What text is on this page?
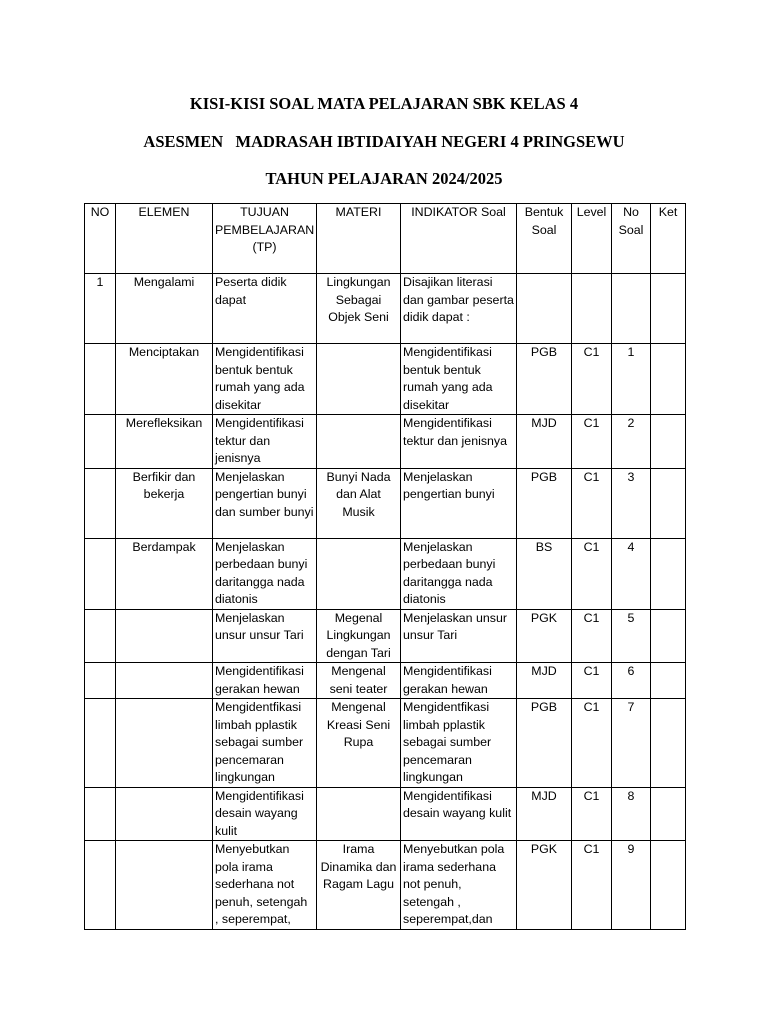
KISI-KISI SOAL MATA PELAJARAN SBK KELAS 4
ASESMEN   MADRASAH IBTIDAIYAH NEGERI 4 PRINGSEWU
TAHUN PELAJARAN 2024/2025
NO	ELEMEN	TUJUAN PEMBELAJARAN (TP)	MATERI	INDIKATOR Soal	Bentuk Soal	Level	No Soal	Ket
1	Mengalami	Peserta didik dapat	Lingkungan Sebagai Objek Seni	Disajikan literasi dan gambar peserta didik dapat :				
	Menciptakan	Mengidentifikasi bentuk bentuk rumah yang ada disekitar		Mengidentifikasi bentuk bentuk rumah yang ada disekitar	PGB	C1	1	
	Merefleksikan	Mengidentifikasi tektur dan jenisnya		Mengidentifikasi tektur dan jenisnya	MJD	C1	2	
	Berfikir dan bekerja	Menjelaskan pengertian bunyi dan sumber bunyi	Bunyi Nada dan Alat Musik	Menjelaskan pengertian bunyi	PGB	C1	3	
	Berdampak	Menjelaskan perbedaan bunyi daritangga nada diatonis		Menjelaskan perbedaan bunyi daritangga nada diatonis	BS	C1	4	
		Menjelaskan unsur unsur Tari	Megenal Lingkungan dengan Tari	Menjelaskan unsur unsur Tari	PGK	C1	5	
		Mengidentifikasi gerakan hewan	Mengenal seni teater	Mengidentifikasi gerakan hewan	MJD	C1	6	
		Mengidentfikasi limbah pplastik sebagai sumber pencemaran lingkungan	Mengenal Kreasi Seni Rupa	Mengidentfikasi limbah pplastik sebagai sumber pencemaran lingkungan	PGB	C1	7	
		Mengidentifikasi desain wayang kulit		Mengidentifikasi desain wayang kulit	MJD	C1	8	
		Menyebutkan pola irama sederhana not penuh, setengah , seperempat,	Irama Dinamika dan Ragam Lagu	Menyebutkan pola irama sederhana not penuh, setengah , seperempat,dan	PGK	C1	9	
